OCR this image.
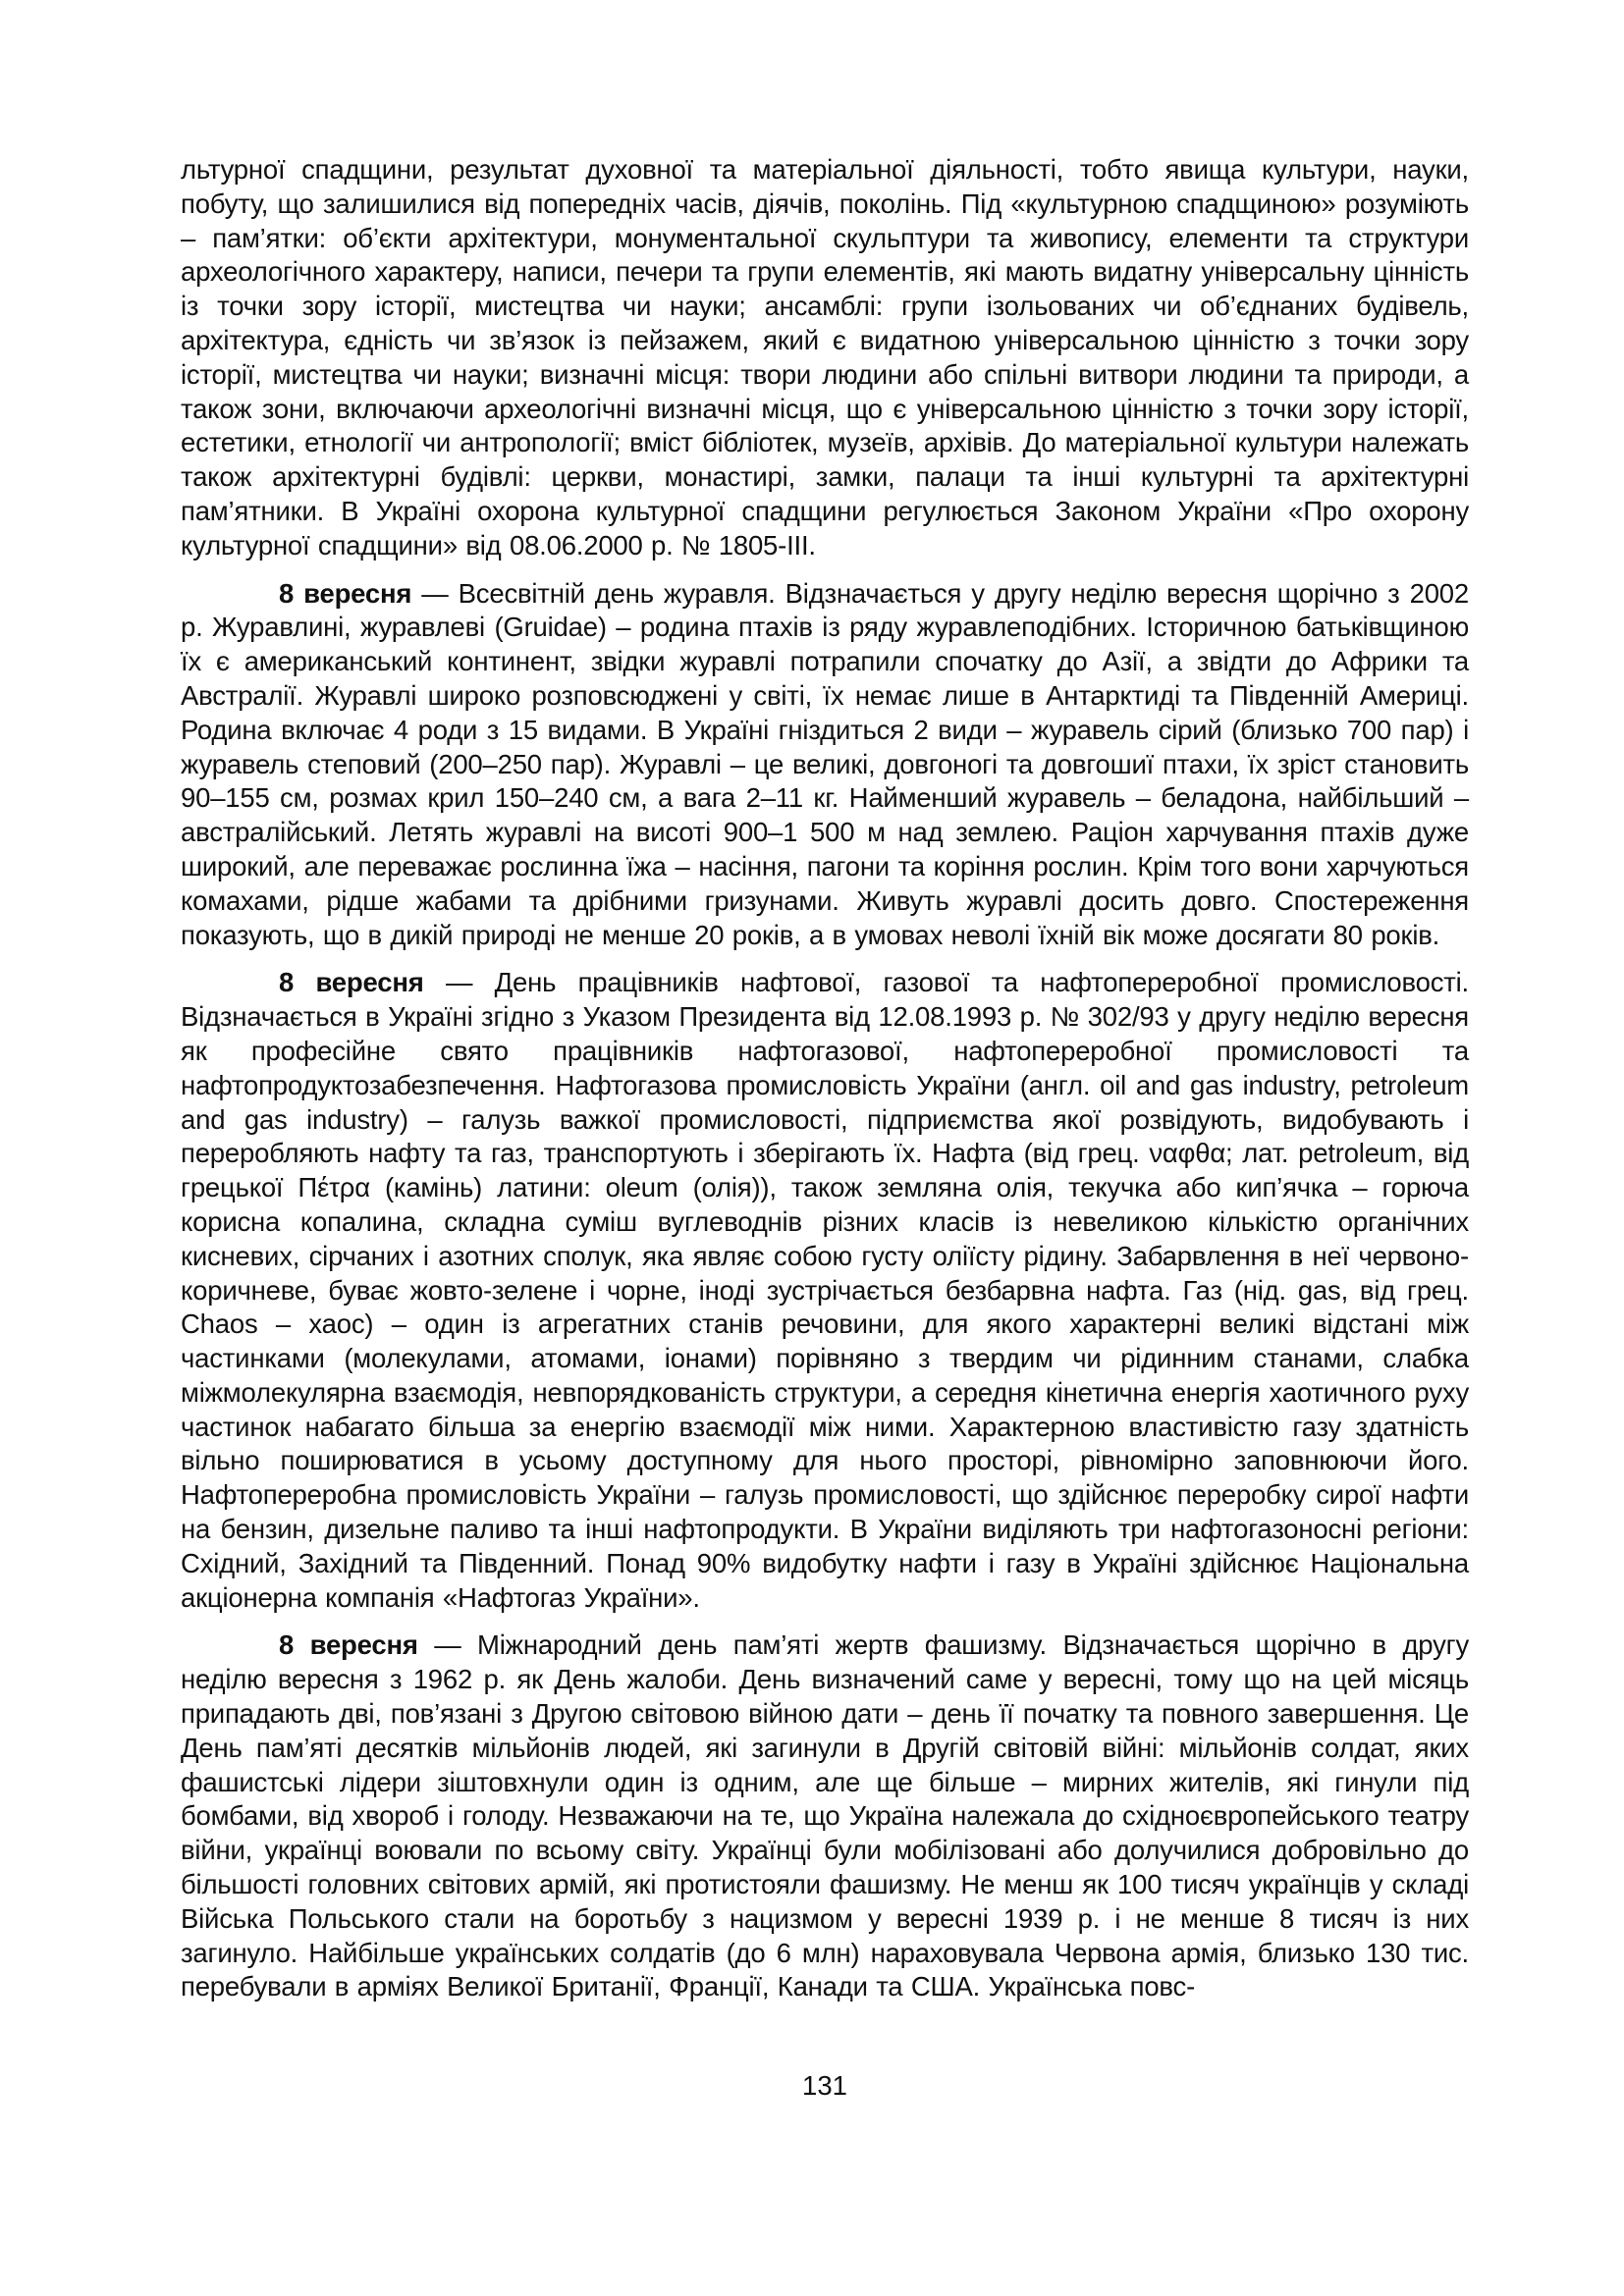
льтурної спадщини, результат духовної та матеріальної діяльності, тобто явища культури, науки, побуту, що залишилися від попередніх часів, діячів, поколінь. Під «культурною спадщиною» розуміють – пам’ятки: об’єкти архітектури, монументальної скульптури та живопису, елементи та структури археологічного характеру, написи, печери та групи елементів, які мають видатну універсальну цінність із точки зору історії, мистецтва чи науки; ансамблі: групи ізольованих чи об’єднаних будівель, архітектура, єдність чи зв’язок із пейзажем, який є видатною універсальною цінністю з точки зору історії, мистецтва чи науки; визначні місця: твори людини або спільні витвори людини та природи, а також зони, включаючи археологічні визначні місця, що є універсальною цінністю з точки зору історії, естетики, етнології чи антропології; вміст бібліотек, музеїв, архівів. До матеріальної культури належать також архітектурні будівлі: церкви, монастирі, замки, палаци та інші культурні та архітектурні пам’ятники. В Україні охорона культурної спадщини регулюється Законом України «Про охорону культурної спадщини» від 08.06.2000 р. № 1805-III.

8 вересня — Всесвітній день журавля. Відзначається у другу неділю вересня щорічно з 2002 р. Журавлині, журавлеві (Gruidae) – родина птахів із ряду журавлеподібних. Історичною батьківщиною їх є американський континент, звідки журавлі потрапили спочатку до Азії, а звідти до Африки та Австралії. Журавлі широко розповсюджені у світі, їх немає лише в Антарктиді та Південній Америці. Родина включає 4 роди з 15 видами. В Україні гніздиться 2 види – журавель сірий (близько 700 пар) і журавель степовий (200–250 пар). Журавлі – це великі, довгоногі та довгошиї птахи, їх зріст становить 90–155 см, розмах крил 150–240 см, а вага 2–11 кг. Найменший журавель – беладона, найбільший – австралійський. Летять журавлі на висоті 900–1 500 м над землею. Раціон харчування птахів дуже широкий, але переважає рослинна їжа – насіння, пагони та коріння рослин. Крім того вони харчуються комахами, рідше жабами та дрібними гризунами. Живуть журавлі досить довго. Спостереження показують, що в дикій природі не менше 20 років, а в умовах неволі їхній вік може досягати 80 років.

8 вересня — День працівників нафтової, газової та нафтопереробної промисловості. Відзначається в Україні згідно з Указом Президента від 12.08.1993 р. № 302/93 у другу неділю вересня як професійне свято працівників нафтогазової, нафтопереробної промисловості та нафтопродуктозабезпечення. Нафтогазова промисловість України (англ. oil and gas industry, petroleum and gas industry) – галузь важкої промисловості, підприємства якої розвідують, видобувають і переробляють нафту та газ, транспортують і зберігають їх. Нафта (від грец. ναφθα; лат. petroleum, від грецької Πέτρα (камінь) латини: oleum (олія)), також земляна олія, текучка або кип’ячка – горюча корисна копалина, складна суміш вуглеводнів різних класів із невеликою кількістю органічних кисневих, сірчаних і азотних сполук, яка являє собою густу оліїсту рідину. Забарвлення в неї червоно-коричневе, буває жовто-зелене і чорне, іноді зустрічається безбарвна нафта. Газ (нід. gas, від грец. Chaos – хаос) – один із агрегатних станів речовини, для якого характерні великі відстані між частинками (молекулами, атомами, іонами) порівняно з твердим чи рідинним станами, слабка міжмолекулярна взаємодія, невпорядкованість структури, а середня кінетична енергія хаотичного руху частинок набагато більша за енергію взаємодії між ними. Характерною властивістю газу здатність вільно поширюватися в усьому доступному для нього просторі, рівномірно заповнюючи його. Нафтопереробна промисловість України – галузь промисловості, що здійснює переробку сирої нафти на бензин, дизельне паливо та інші нафтопродукти. В України виділяють три нафтогазоносні регіони: Східний, Західний та Південний. Понад 90% видобутку нафти і газу в Україні здійснює Національна акціонерна компанія «Нафтогаз України».

8 вересня — Міжнародний день пам’яті жертв фашизму. Відзначається щорічно в другу неділю вересня з 1962 р. як День жалоби. День визначений саме у вересні, тому що на цей місяць припадають дві, пов’язані з Другою світовою війною дати – день її початку та повного завершення. Це День пам’яті десятків мільйонів людей, які загинули в Другій світовій війні: мільйонів солдат, яких фашистські лідери зіштовхнули один із одним, але ще більше – мирних жителів, які гинули під бомбами, від хвороб і голоду. Незважаючи на те, що Україна належала до східноєвропейського театру війни, українці воювали по всьому світу. Українці були мобілізовані або долучилися добровільно до більшості головних світових армій, які протистояли фашизму. Не менш як 100 тисяч українців у складі Війська Польського стали на боротьбу з нацизмом у вересні 1939 р. і не менше 8 тисяч із них загинуло. Найбільше українських солдатів (до 6 млн) нараховувала Червона армія, близько 130 тис. перебували в арміях Великої Британії, Франції, Канади та США. Українська повс-

131
